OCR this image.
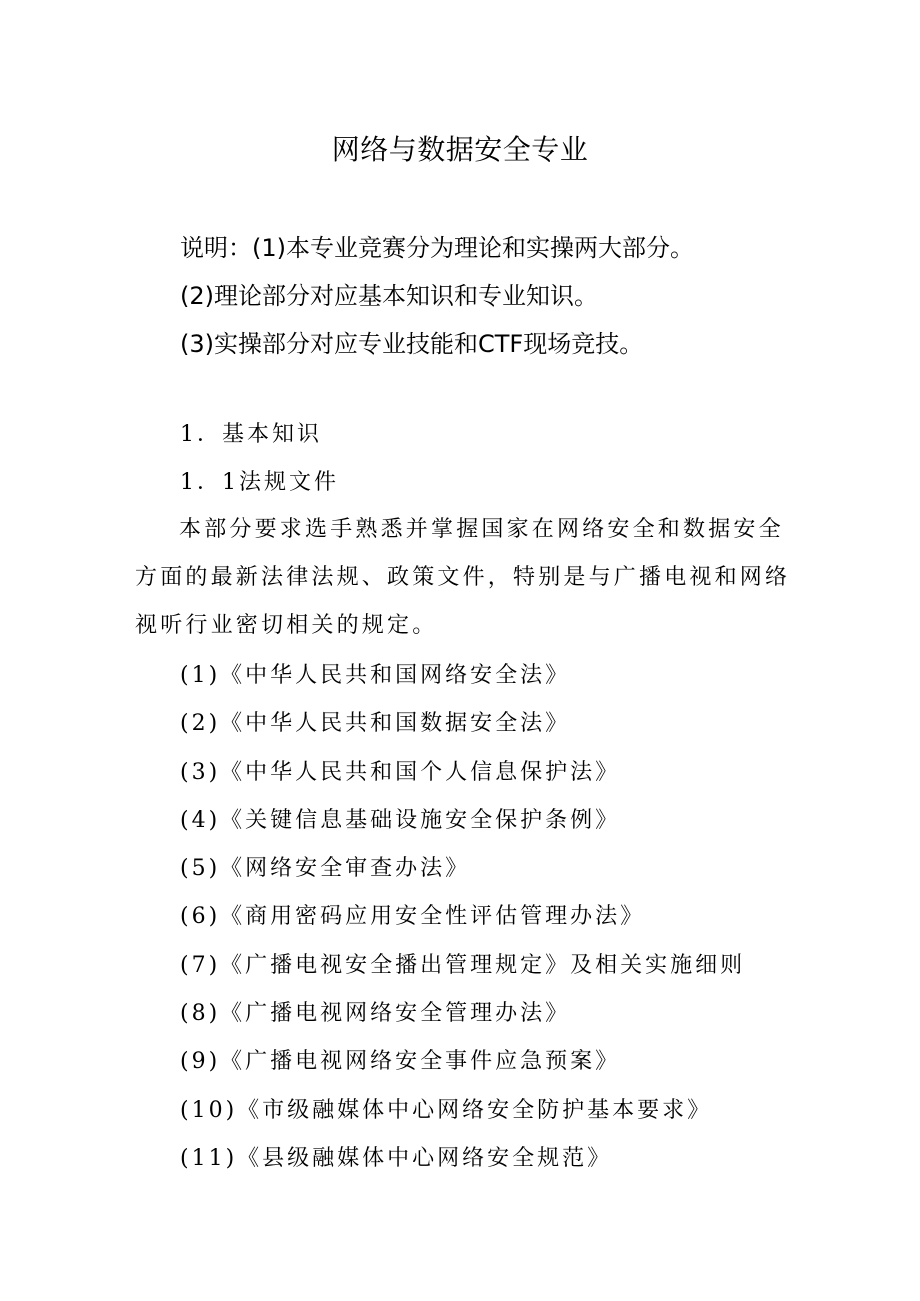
网络与数据安全专业
说明：(1)本专业竞赛分为理论和实操两大部分。
(2)理论部分对应基本知识和专业知识。
(3)实操部分对应专业技能和CTF现场竞技。
1．基本知识
1．1法规文件
本部分要求选手熟悉并掌握国家在网络安全和数据安全方面的最新法律法规、政策文件，特别是与广播电视和网络视听行业密切相关的规定。
(1)《中华人民共和国网络安全法》
(2)《中华人民共和国数据安全法》
(3)《中华人民共和国个人信息保护法》
(4)《关键信息基础设施安全保护条例》
(5)《网络安全审查办法》
(6)《商用密码应用安全性评估管理办法》
(7)《广播电视安全播出管理规定》及相关实施细则
(8)《广播电视网络安全管理办法》
(9)《广播电视网络安全事件应急预案》
(10)《市级融媒体中心网络安全防护基本要求》
(11)《县级融媒体中心网络安全规范》
